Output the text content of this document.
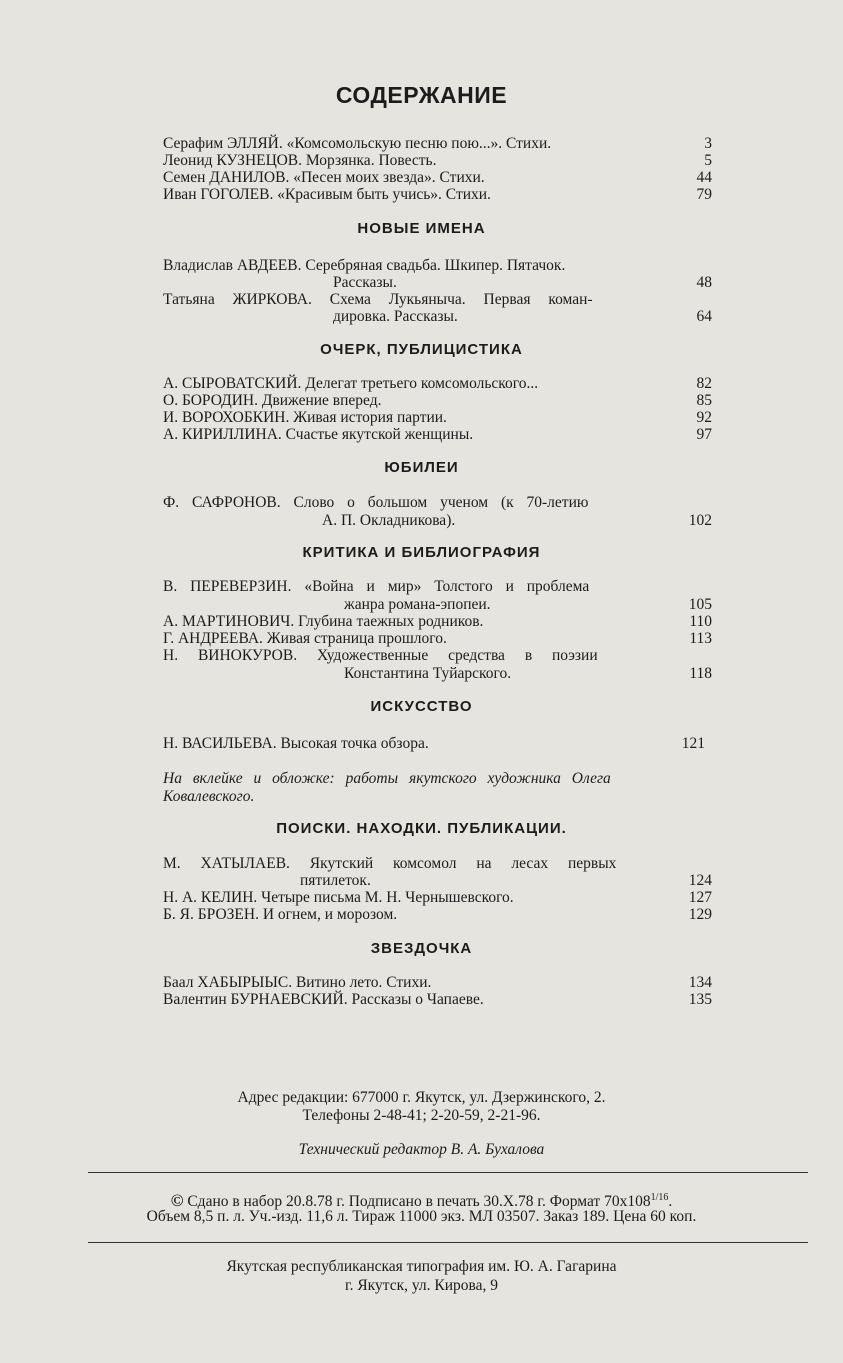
СОДЕРЖАНИЕ
Серафим ЭЛЛЯЙ. «Комсомольскую песню пою...». Стихи.	3
Леонид КУЗНЕЦОВ. Морзянка. Повесть.	5
Семен ДАНИЛОВ. «Песен моих звезда». Стихи.	44
Иван ГОГОЛЕВ. «Красивым быть учись». Стихи.	79
НОВЫЕ ИМЕНА
Владислав АВДЕЕВ. Серебряная свадьба. Шкипер. Пятачок.
Рассказы.	48
Татьяна ЖИРКОВА. Схема Лукьяныча. Первая коман-
дировка. Рассказы.	64
ОЧЕРК, ПУБЛИЦИСТИКА
А. СЫРОВАТСКИЙ. Делегат третьего комсомольского...	82
О. БОРОДИН. Движение вперед.	85
И. ВОРОХОБКИН. Живая история партии.	92
А. КИРИЛЛИНА. Счастье якутской женщины.	97
ЮБИЛЕИ
Ф. САФРОНОВ. Слово о большом ученом (к 70-летию
А. П. Окладникова).	102
КРИТИКА И БИБЛИОГРАФИЯ
В. ПЕРЕВЕРЗИН. «Война и мир» Толстого и проблема
жанра романа-эпопеи.	105
А. МАРТИНОВИЧ. Глубина таежных родников.	110
Г. АНДРЕЕВА. Живая страница прошлого.	113
Н. ВИНОКУРОВ. Художественные средства в поэзии
Константина Туйарского.	118
ИСКУССТВО
Н. ВАСИЛЬЕВА. Высокая точка обзора.	121
На вклейке и обложке: работы якутского художника Олега
Ковалевского.
ПОИСКИ. НАХОДКИ. ПУБЛИКАЦИИ.
М. ХАТЫЛАЕВ. Якутский комсомол на лесах первых
пятилеток.	124
Н. А. КЕЛИН. Четыре письма М. Н. Чернышевского.	127
Б. Я. БРОЗЕН. И огнем, и морозом.	129
ЗВЕЗДОЧКА
Баал ХАБЫРЫЫС. Витино лето. Стихи.	134
Валентин БУРНАЕВСКИЙ. Рассказы о Чапаеве.	135
Адрес редакции: 677000 г. Якутск, ул. Дзержинского, 2.
Телефоны 2-48-41; 2-20-59, 2-21-96.
Технический редактор В. А. Бухалова
© Сдано в набор 20.8.78 г. Подписано в печать 30.X.78 г. Формат $70x108^{1/16}$.
Объем 8,5 п. л. Уч.-изд. 11,6 л. Тираж 11000 экз. МЛ 03507. Заказ 189. Цена 60 коп.
Якутская республиканская типография им. Ю. А. Гагарина
г. Якутск, ул. Кирова, 9
